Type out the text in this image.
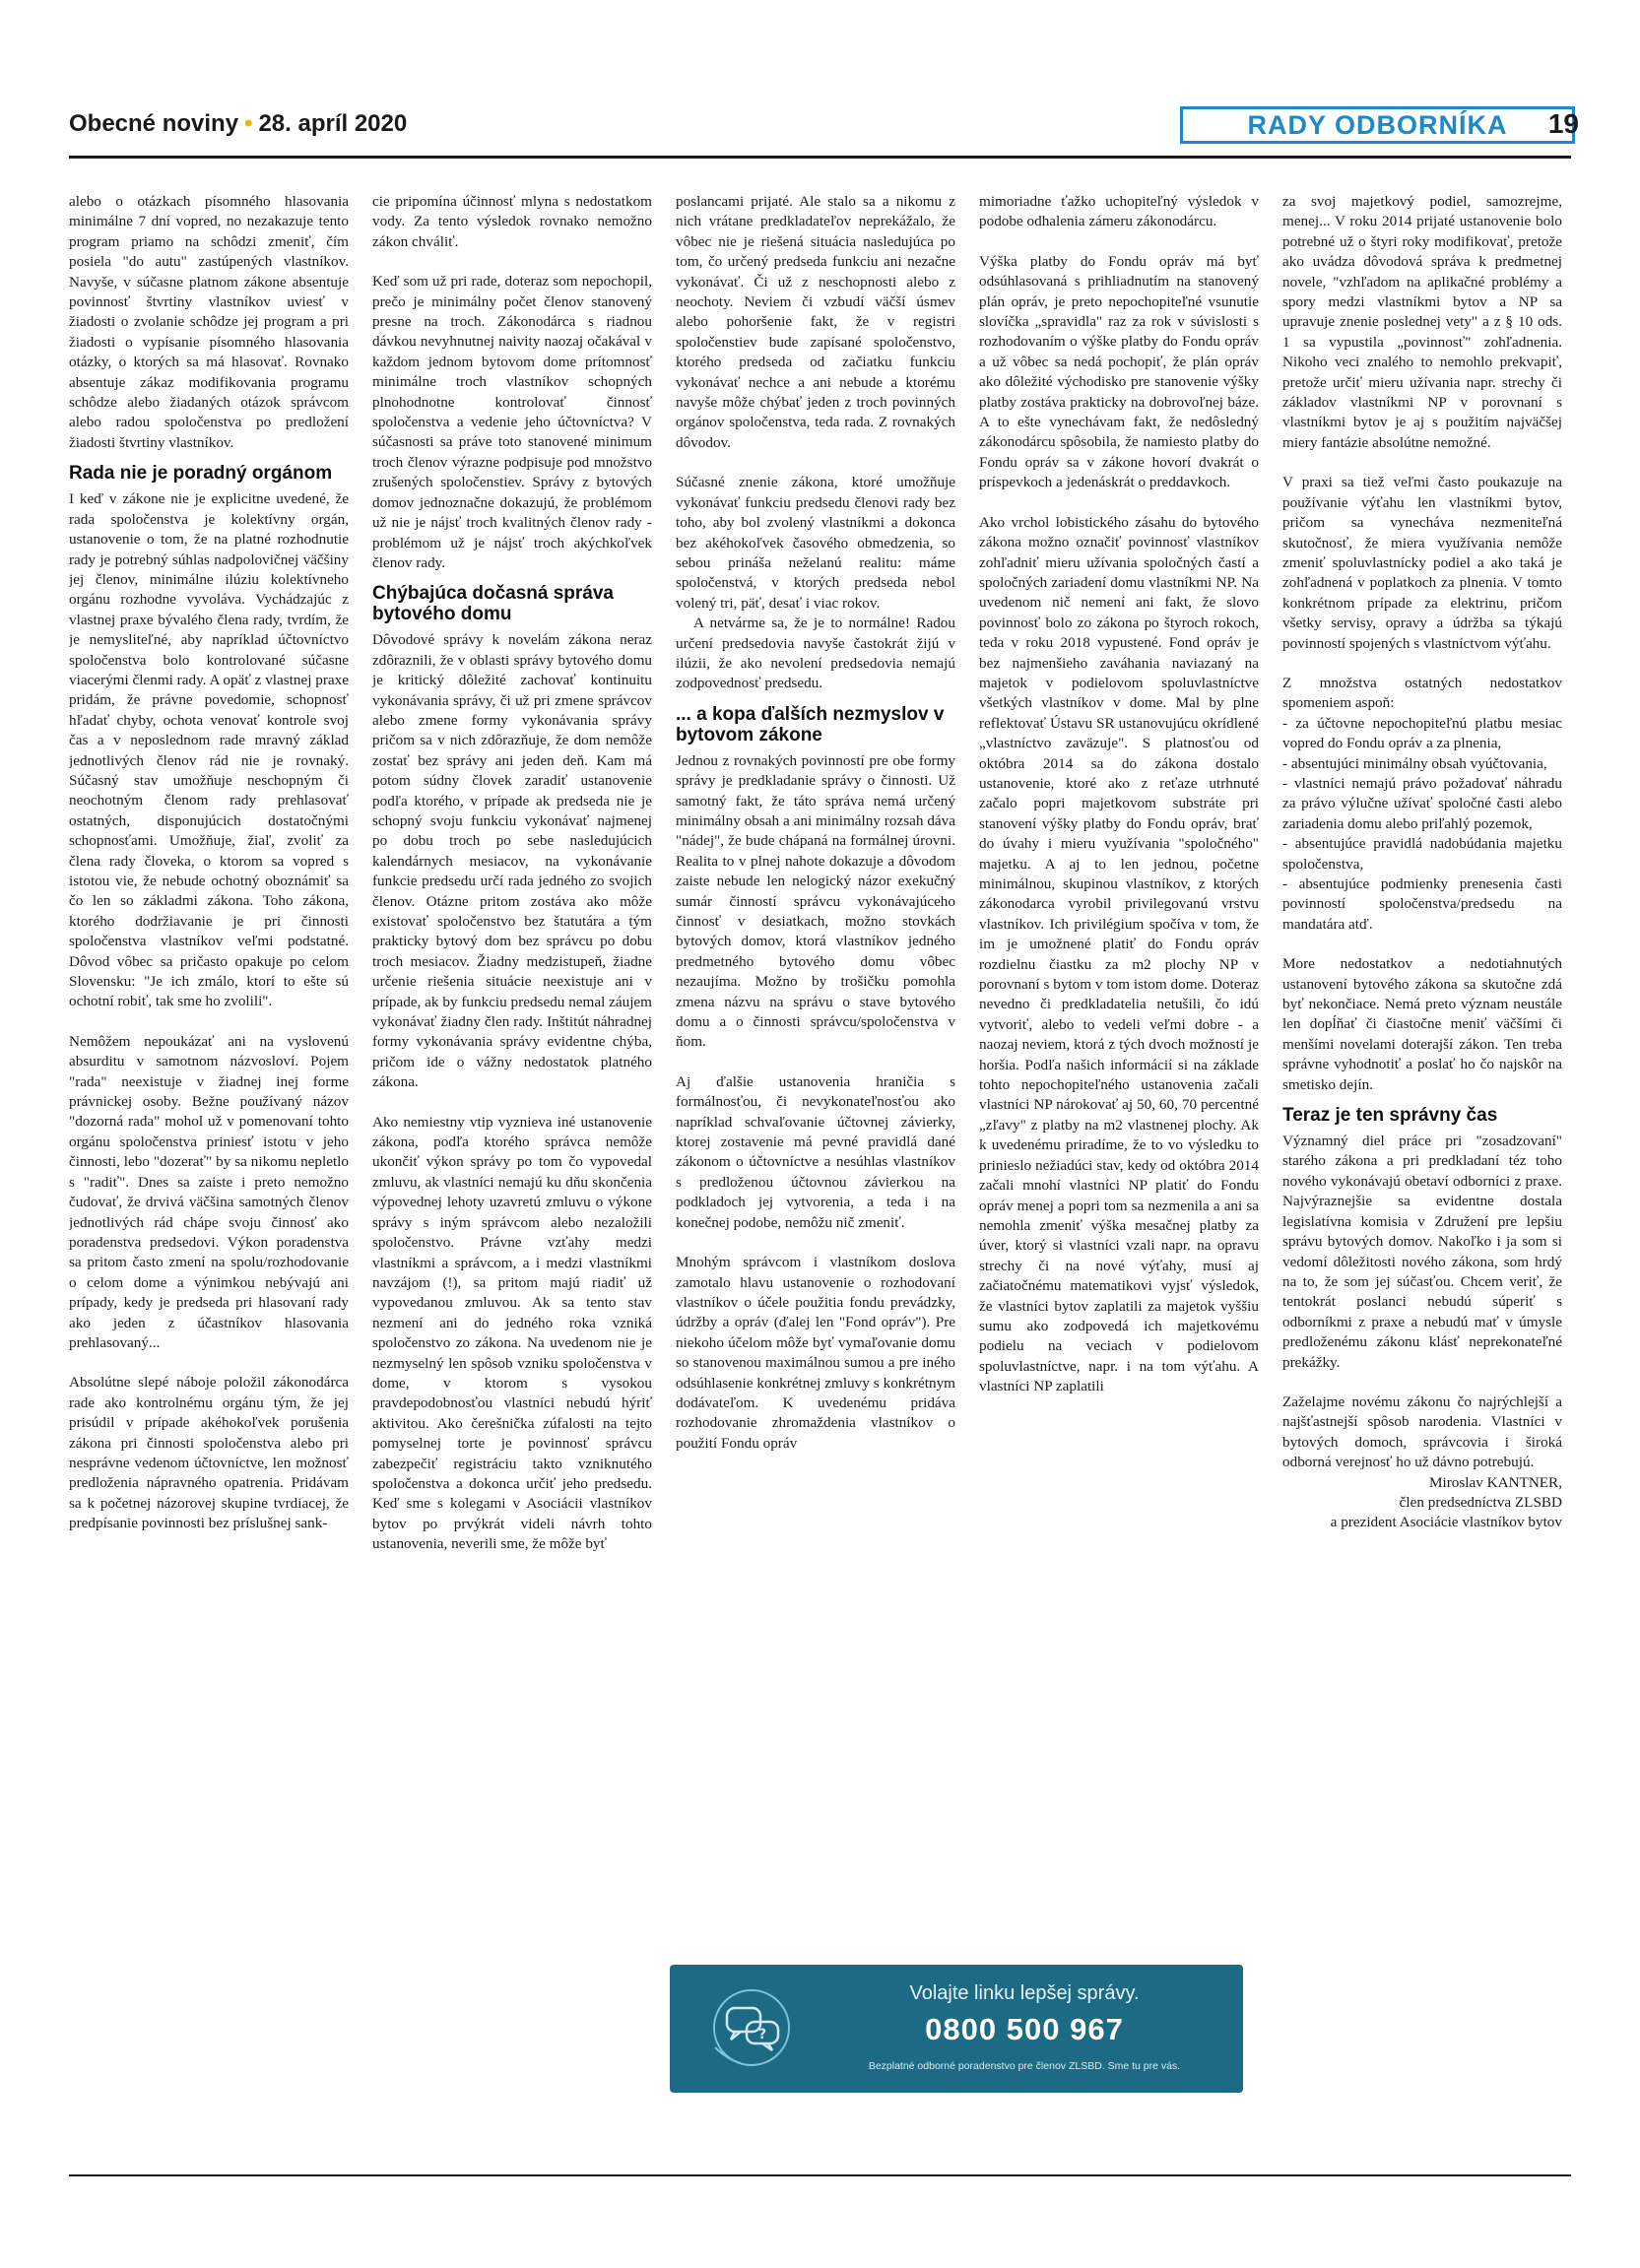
Obecné noviny • 28. apríl 2020	RADY ODBORNÍKA	19

alebo o otázkach písomného hlasovania minimálne 7 dní vopred, no nezakazuje tento program priamo na schôdzi zmeniť, čím posiela "do autu" zastúpených vlastníkov. Navyše, v súčasne platnom zákone absentuje povinnosť štvrtiny vlastníkov uviesť v žiadosti o zvolanie schôdze jej program a pri žiadosti o vypísanie písomného hlasovania otázky, o ktorých sa má hlasovať. Rovnako absentuje zákaz modifikovania programu schôdze alebo žiadaných otázok správcom alebo radou spoločenstva po predložení žiadosti štvrtiny vlastníkov.

Rada nie je poradný orgánom

I keď v zákone nie je explicitne uvedené, že rada spoločenstva je kolektívny orgán, ustanovenie o tom, že na platné rozhodnutie rady je potrebný súhlas nadpolovičnej väčšiny jej členov, minimálne ilúziu kolektívneho orgánu rozhodne vyvoláva. Vychádzajúc z vlastnej praxe bývalého člena rady, tvrdím, že je nemysliteľné, aby napríklad účtovníctvo spoločenstva bolo kontrolované súčasne viacerými členmi rady. A opäť z vlastnej praxe pridám, že právne povedomie, schopnosť hľadať chyby, ochota venovať kontrole svoj čas a v neposlednom rade mravný základ jednotlivých členov rád nie je rovnaký. Súčasný stav umožňuje neschopným či neochotným členom rady prehlasovať ostatných, disponujúcich dostatočnými schopnosťami. Umožňuje, žiaľ, zvoliť za člena rady človeka, o ktorom sa vopred s istotou vie, že nebude ochotný oboznámiť sa čo len so základmi zákona. Toho zákona, ktorého dodržiavanie je pri činnosti spoločenstva vlastníkov veľmi podstatné. Dôvod vôbec sa pričasto opakuje po celom Slovensku: "Je ich zmálo, ktorí to ešte sú ochotní robiť, tak sme ho zvolili".

Nemôžem nepoukázať ani na vyslovenú absurditu v samotnom názvosloví. Pojem "rada" neexistuje v žiadnej inej forme právnickej osoby. Bežne používaný názov "dozorná rada" mohol už v pomenovaní tohto orgánu spoločenstva priniesť istotu v jeho činnosti, lebo "dozerať" by sa nikomu nepletlo s "radiť". Dnes sa zaiste i preto nemožno čudovať, že drvivá väčšina samotných členov jednotlivých rád chápe svoju činnosť ako poradenstva predsedovi. Výkon poradenstva sa pritom často zmení na spolu/rozhodovanie o celom dome a výnimkou nebývajú ani prípady, kedy je predseda pri hlasovaní rady ako jeden z účastníkov hlasovania prehlasovaný...

Absolútne slepé náboje položil zákonodárca rade ako kontrolnému orgánu tým, že jej prisúdil v prípade akéhokoľvek porušenia zákona pri činnosti spoločenstva alebo pri nesprávne vedenom účtovníctve, len možnosť predloženia nápravného opatrenia. Pridávam sa k početnej názorovej skupine tvrdiacej, že predpísanie povinnosti bez príslušnej sank-

cie pripomína účinnosť mlyna s nedostatkom vody. Za tento výsledok rovnako nemožno zákon chváliť.

Keď som už pri rade, doteraz som nepochopil, prečo je minimálny počet členov stanovený presne na troch. Zákonodárca s riadnou dávkou nevyhnutnej naivity naozaj očakával v každom jednom bytovom dome prítomnosť minimálne troch vlastníkov schopných plnohodnotne kontrolovať činnosť spoločenstva a vedenie jeho účtovníctva? V súčasnosti sa práve toto stanovené minimum troch členov výrazne podpisuje pod množstvo zrušených spoločenstiev. Správy z bytových domov jednoznačne dokazujú, že problémom už nie je nájsť troch kvalitných členov rady - problémom už je nájsť troch akýchkoľvek členov rady.

Chýbajúca dočasná správa bytového domu

Dôvodové správy k novelám zákona neraz zdôraznili, že v oblasti správy bytového domu je kritický dôležité zachovať kontinuitu vykonávania správy, či už pri zmene správcov alebo zmene formy vykonávania správy pričom sa v nich zdôrazňuje, že dom nemôže zostať bez správy ani jeden deň. Kam má potom súdny človek zaradiť ustanovenie podľa ktorého, v prípade ak predseda nie je schopný svoju funkciu vykonávať najmenej po dobu troch po sebe nasledujúcich kalendárnych mesiacov, na vykonávanie funkcie predsedu určí rada jedného zo svojich členov. Otázne pritom zostáva ako môže existovať spoločenstvo bez štatutára a tým prakticky bytový dom bez správcu po dobu troch mesiacov. Žiadny medzistupeň, žiadne určenie riešenia situácie neexistuje ani v prípade, ak by funkciu predsedu nemal záujem vykonávať žiadny člen rady. Inštitút náhradnej formy vykonávania správy evidentne chýba, pričom ide o vážny nedostatok platného zákona.

Ako nemiestny vtip vyznieva iné ustanovenie zákona, podľa ktorého správca nemôže ukončiť výkon správy po tom čo vypovedal zmluvu, ak vlastníci nemajú ku dňu skončenia výpovednej lehoty uzavretú zmluvu o výkone správy s iným správcom alebo nezaložili spoločenstvo. Právne vzťahy medzi vlastníkmi a správcom, a i medzi vlastníkmi navzájom (!), sa pritom majú riadiť už vypovedanou zmluvou. Ak sa tento stav nezmení ani do jedného roka vzniká spoločenstvo zo zákona. Na uvedenom nie je nezmyselný len spôsob vzniku spoločenstva v dome, v ktorom s vysokou pravdepodobnosťou vlastníci nebudú hýriť aktivitou. Ako čerešnička zúfalosti na tejto pomyselnej torte je povinnosť správcu zabezpečiť registráciu takto vzniknutého spoločenstva a dokonca určiť jeho predsedu. Keď sme s kolegami v Asociácii vlastníkov bytov po prvýkrát videli návrh tohto ustanovenia, neverili sme, že môže byť

poslancami prijaté. Ale stalo sa a nikomu z nich vrátane predkladateľov neprekážalo, že vôbec nie je riešená situácia nasledujúca po tom, čo určený predseda funkciu ani nezačne vykonávať. Či už z neschopnosti alebo z neochoty. Neviem či vzbudí väčší úsmev alebo pohoršenie fakt, že v registri spoločenstiev bude zapísané spoločenstvo, ktorého predseda od začiatku funkciu vykonávať nechce a ani nebude a ktorému navyše môže chýbať jeden z troch povinných orgánov spoločenstva, teda rada. Z rovnakých dôvodov.

Súčasné znenie zákona, ktoré umožňuje vykonávať funkciu predsedu členovi rady bez toho, aby bol zvolený vlastníkmi a dokonca bez akéhokoľvek časového obmedzenia, so sebou prináša neželanú realitu: máme spoločenstvá, v ktorých predseda nebol volený tri, päť, desať i viac rokov.

A netvárme sa, že je to normálne! Radou určení predsedovia navyše častokrát žijú v ilúzii, že ako nevolení predsedovia nemajú zodpovednosť predsedu.

... a kopa ďalších nezmyslov v bytovom zákone

Jednou z rovnakých povinností pre obe formy správy je predkladanie správy o činnosti. Už samotný fakt, že táto správa nemá určený minimálny obsah a ani minimálny rozsah dáva "nádej", že bude chápaná na formálnej úrovni. Realita to v plnej nahote dokazuje a dôvodom zaiste nebude len nelogický názor exekučný sumár činností správcu vykonávajúceho činnosť v desiatkach, možno stovkách bytových domov, ktorá vlastníkov jedného predmetného bytového domu vôbec nezaujíma. Možno by trošičku pomohla zmena názvu na správu o stave bytového domu a o činnosti správcu/spoločenstva v ňom.

Aj ďalšie ustanovenia hraničia s formálnosťou, či nevykonateľnosťou ako napríklad schvaľovanie účtovnej závierky, ktorej zostavenie má pevné pravidlá dané zákonom o účtovníctve a nesúhlas vlastníkov s predloženou účtovnou závierkou na podkladoch jej vytvorenia, a teda i na konečnej podobe, nemôžu nič zmeniť.

Mnohým správcom i vlastníkom doslova zamotalo hlavu ustanovenie o rozhodovaní vlastníkov o účele použitia fondu prevádzky, údržby a opráv (ďalej len "Fond opráv"). Pre niekoho účelom môže byť vymaľovanie domu so stanovenou maximálnou sumou a pre iného odsúhlasenie konkrétnej zmluvy s konkrétnym dodávateľom. K uvedenému pridáva rozhodovanie zhromaždenia vlastníkov o použití Fondu opráv

mimoriadne ťažko uchopiteľný výsledok v podobe odhalenia zámeru zákonodárcu.

Výška platby do Fondu opráv má byť odsúhlasovaná s prihliadnutím na stanovený plán opráv, je preto nepochopiteľné vsunutie slovíčka „spravidla" raz za rok v súvislosti s rozhodovaním o výške platby do Fondu opráv a už vôbec sa nedá pochopiť, že plán opráv ako dôležité východisko pre stanovenie výšky platby zostáva prakticky na dobrovoľnej báze. A to ešte vynechávam fakt, že nedôsledný zákonodárcu spôsobila, že namiesto platby do Fondu opráv sa v zákone hovorí dvakrát o príspevkoch a jedenáskrát o preddavkoch.

Ako vrchol lobistického zásahu do bytového zákona možno označiť povinnosť vlastníkov zohľadniť mieru užívania spoločných častí a spoločných zariadení domu vlastníkmi NP. Na uvedenom nič nemení ani fakt, že slovo povinnosť bolo zo zákona po štyroch rokoch, teda v roku 2018 vypustené. Fond opráv je bez najmenšieho zaváhania naviazaný na majetok v podielovom spoluvlastníctve všetkých vlastníkov v dome. Mal by plne reflektovať Ústavu SR ustanovujúcu okrídlené „vlastníctvo zaväzuje". S platnosťou od októbra 2014 sa do zákona dostalo ustanovenie, ktoré ako z reťaze utrhnuté začalo popri majetkovom substráte pri stanovení výšky platby do Fondu opráv, brať do úvahy i mieru využívania "spoločného" majetku. A aj to len jednou, početne minimálnou, skupinou vlastníkov, z ktorých zákonodarca vyrobil privilegovanú vrstvu vlastníkov. Ich privilégium spočíva v tom, že im je umožnené platiť do Fondu opráv rozdielnu čiastku za m2 plochy NP v porovnaní s bytom v tom istom dome. Doteraz nevedno či predkladatelia netušili, čo idú vytvoriť, alebo to vedeli veľmi dobre - a naozaj neviem, ktorá z tých dvoch možností je horšia. Podľa našich informácií si na základe tohto nepochopiteľného ustanovenia začali vlastníci NP nárokovať aj 50, 60, 70 percentné „zľavy" z platby na m2 vlastnenej plochy. Ak k uvedenému priradíme, že to vo výsledku to prinieslo nežiadúci stav, kedy od októbra 2014 začali mnohí vlastníci NP platiť do Fondu opráv menej a popri tom sa nezmenila a ani sa nemohla zmeniť výška mesačnej platby za úver, ktorý si vlastníci vzali napr. na opravu strechy či na nové výťahy, musí aj začiatočnému matematikovi vyjsť výsledok, že vlastníci bytov zaplatili za majetok vyššiu sumu ako zodpovedá ich majetkovému podielu na veciach v podielovom spoluvlastníctve, napr. i na tom výťahu. A vlastníci NP zaplatili

za svoj majetkový podiel, samozrejme, menej... V roku 2014 prijaté ustanovenie bolo potrebné už o štyri roky modifikovať, pretože ako uvádza dôvodová správa k predmetnej novele, "vzhľadom na aplikačné problémy a spory medzi vlastníkmi bytov a NP sa upravuje znenie poslednej vety" a z § 10 ods. 1 sa vypustila „povinnosť" zohľadnenia. Nikoho veci znalého to nemohlo prekvapiť, pretože určiť mieru užívania napr. strechy či základov vlastníkmi NP v porovnaní s vlastníkmi bytov je aj s použitím najväčšej miery fantázie absolútne nemožné.

V praxi sa tiež veľmi často poukazuje na používanie výťahu len vlastníkmi bytov, pričom sa vynecháva nezmeniteľná skutočnosť, že miera využívania nemôže zmeniť spoluvlastnícky podiel a ako taká je zohľadnená v poplatkoch za plnenia. V tomto konkrétnom prípade za elektrinu, pričom všetky servisy, opravy a údržba sa týkajú povinností spojených s vlastníctvom výťahu.

Z množstva ostatných nedostatkov spomeniem aspoň:

- za účtovne nepochopiteľnú platbu mesiac vopred do Fondu opráv a za plnenia,

- absentujúci minimálny obsah vyúčtovania,

- vlastníci nemajú právo požadovať náhradu za právo výlučne užívať spoločné časti alebo zariadenia domu alebo priľahlý pozemok,

- absentujúce pravidlá nadobúdania majetku spoločenstva,

- absentujúce podmienky prenesenia časti povinností spoločenstva/predsedu na mandatára atď.

More nedostatkov a nedotiahnutých ustanovení bytového zákona sa skutočne zdá byť nekončiace. Nemá preto význam neustále len dopĺňať či čiastočne meniť väčšími či menšími novelami doterajší zákon. Ten treba správne vyhodnotiť a poslať ho čo najskôr na smetisko dejín.

Teraz je ten správny čas

Významný diel práce pri "zosadzovaní" starého zákona a pri predkladaní téz toho nového vykonávajú obetaví odborníci z praxe. Najvýraznejšie sa evidentne dostala legislatívna komisia v Združení pre lepšiu správu bytových domov. Nakoľko i ja som si vedomí dôležitosti nového zákona, som hrdý na to, že som jej súčasťou. Chcem veriť, že tentokrát poslanci nebudú súperiť s odborníkmi z praxe a nebudú mať v úmysle predloženému zákonu klásť neprekonateľné prekážky.

Zaželajme novému zákonu čo najrýchlejší a najšťastnejší spôsob narodenia. Vlastníci v bytových domoch, správcovia i široká odborná verejnosť ho už dávno potrebujú.

Miroslav KANTNER,

člen predsedníctva ZLSBD

a prezident Asociácie vlastníkov bytov

?
Volajte linku lepšej správy.
0800 500 967
Bezplatné odborné poradenstvo pre členov ZLSBD. Sme tu pre vás.
